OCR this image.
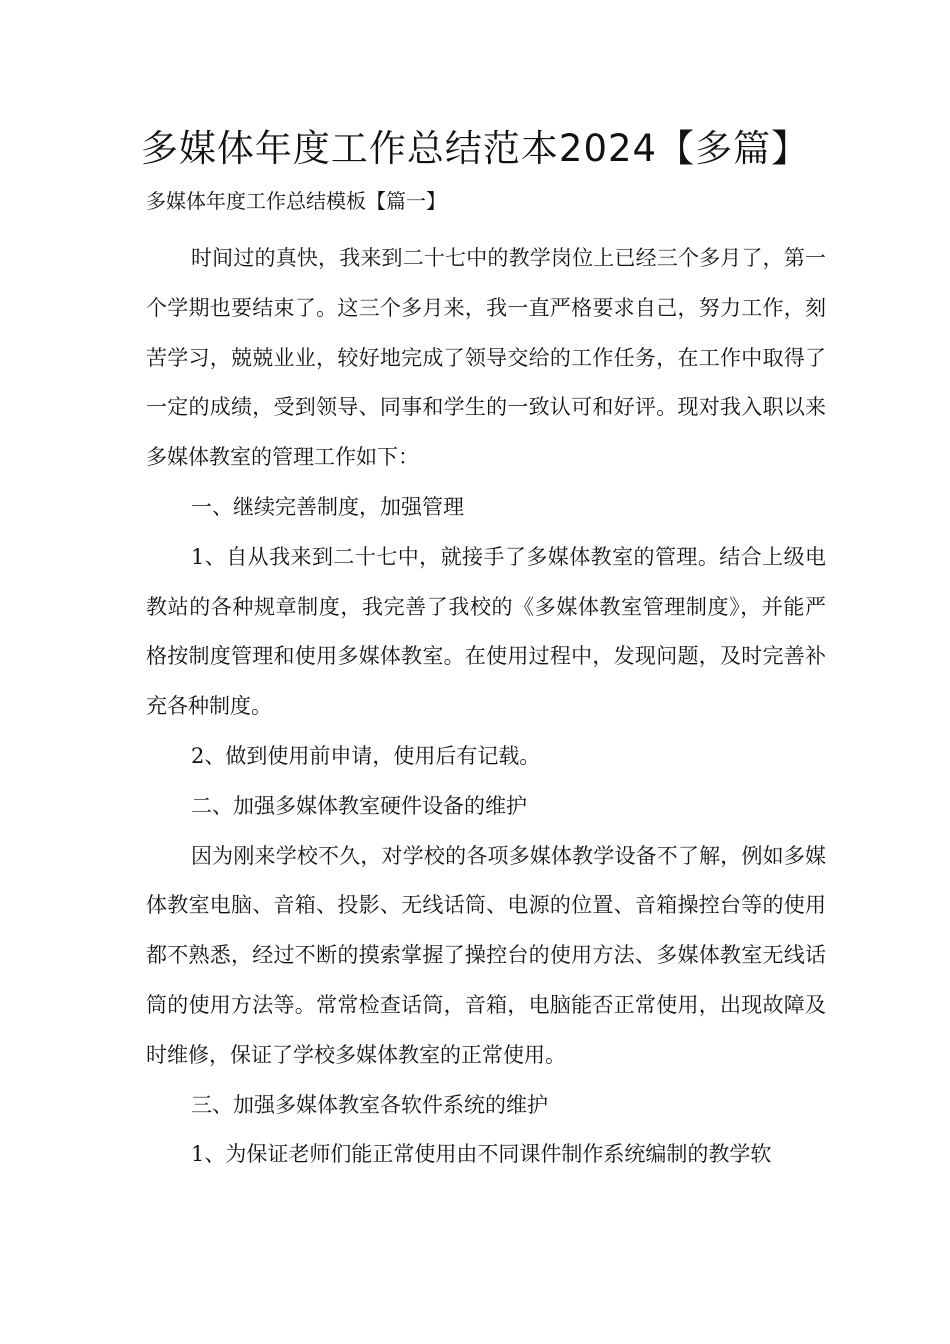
多媒体年度工作总结范本2024【多篇】
多媒体年度工作总结模板【篇一】

时间过的真快，我来到二十七中的教学岗位上已经三个多月了，第一个学期也要结束了。这三个多月来，我一直严格要求自己，努力工作，刻苦学习，兢兢业业，较好地完成了领导交给的工作任务，在工作中取得了一定的成绩，受到领导、同事和学生的一致认可和好评。现对我入职以来多媒体教室的管理工作如下：

一、继续完善制度，加强管理

1、自从我来到二十七中，就接手了多媒体教室的管理。结合上级电教站的各种规章制度，我完善了我校的《多媒体教室管理制度》，并能严格按制度管理和使用多媒体教室。在使用过程中，发现问题，及时完善补充各种制度。

2、做到使用前申请，使用后有记载。

二、加强多媒体教室硬件设备的维护

因为刚来学校不久，对学校的各项多媒体教学设备不了解，例如多媒体教室电脑、音箱、投影、无线话筒、电源的位置、音箱操控台等的使用都不熟悉，经过不断的摸索掌握了操控台的使用方法、多媒体教室无线话筒的使用方法等。常常检查话筒，音箱，电脑能否正常使用，出现故障及时维修，保证了学校多媒体教室的正常使用。

三、加强多媒体教室各软件系统的维护

1、为保证老师们能正常使用由不同课件制作系统编制的教学软
